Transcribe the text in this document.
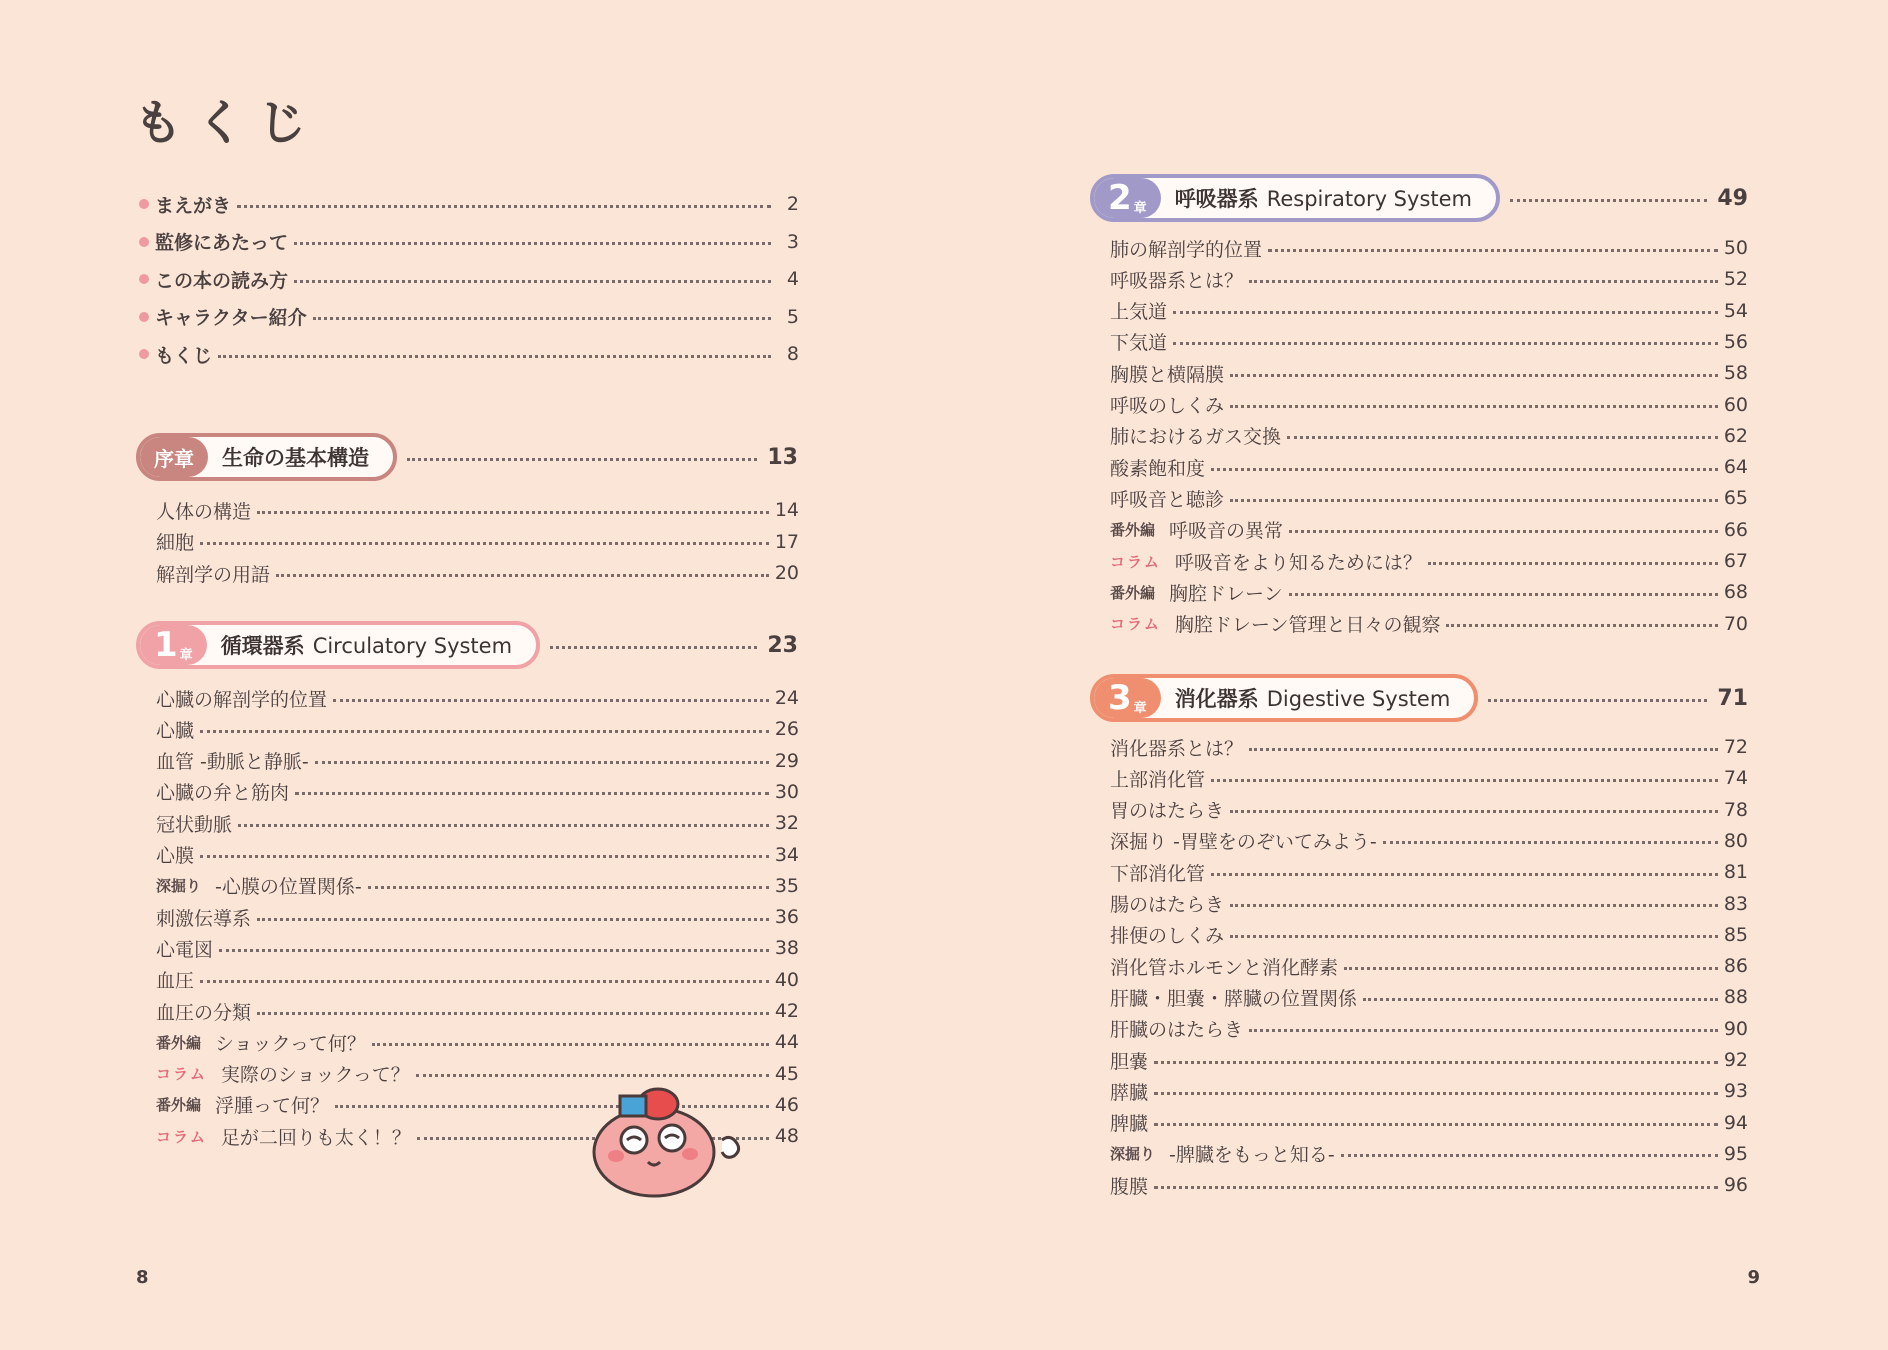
もくじ
まえがき	2
監修にあたって	3
この本の読み方	4
キャラクター紹介	5
もくじ	8
序章 生命の基本構造	13
人体の構造	14
細胞	17
解剖学の用語	20
1 章 循環器系 Circulatory System	23
心臓の解剖学的位置	24
心臓	26
血管 -動脈と静脈-	29
心臓の弁と筋肉	30
冠状動脈	32
心膜	34
深掘り -心膜の位置関係-	35
刺激伝導系	36
心電図	38
血圧	40
血圧の分類	42
番外編 ショックって何？	44
コラム 実際のショックって？	45
番外編 浮腫って何？	46
コラム 足が二回りも太く！？	48
8
2 章 呼吸器系 Respiratory System	49
肺の解剖学的位置	50
呼吸器系とは？	52
上気道	54
下気道	56
胸膜と横隔膜	58
呼吸のしくみ	60
肺におけるガス交換	62
酸素飽和度	64
呼吸音と聴診	65
番外編 呼吸音の異常	66
コラム 呼吸音をより知るためには？	67
番外編 胸腔ドレーン	68
コラム 胸腔ドレーン管理と日々の観察	70
3 章 消化器系 Digestive System	71
消化器系とは？	72
上部消化管	74
胃のはたらき	78
深掘り -胃壁をのぞいてみよう-	80
下部消化管	81
腸のはたらき	83
排便のしくみ	85
消化管ホルモンと消化酵素	86
肝臓・胆嚢・膵臓の位置関係	88
肝臓のはたらき	90
胆嚢	92
膵臓	93
脾臓	94
深掘り -脾臓をもっと知る-	95
腹膜	96
9
